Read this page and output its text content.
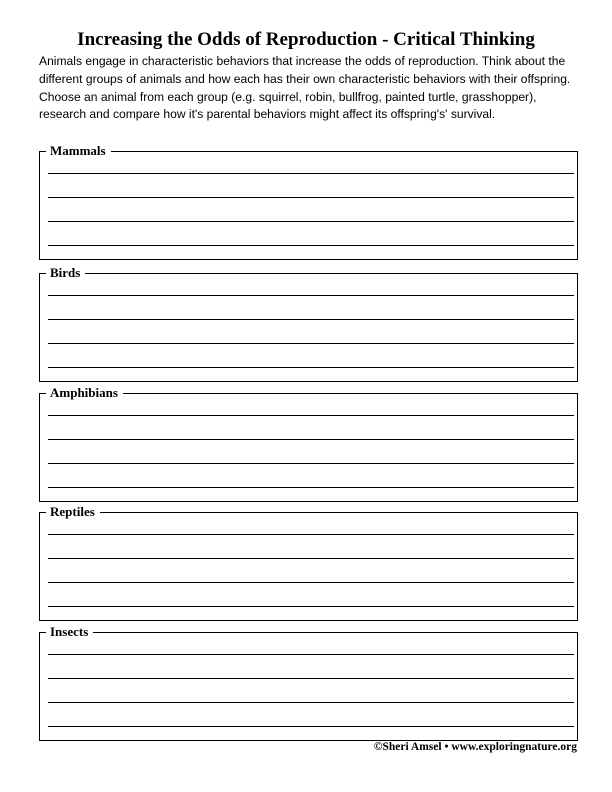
Increasing the Odds of Reproduction - Critical Thinking

Animals engage in characteristic behaviors that increase the odds of reproduction. Think about the different groups of animals and how each has their own characteristic behaviors with their offspring. Choose an animal from each group (e.g. squirrel, robin, bullfrog, painted turtle, grasshopper), research and compare how it's parental behaviors might affect its offspring's' survival.

Mammals
Birds
Amphibians
Reptiles
Insects
©Sheri Amsel • www.exploringnature.org
